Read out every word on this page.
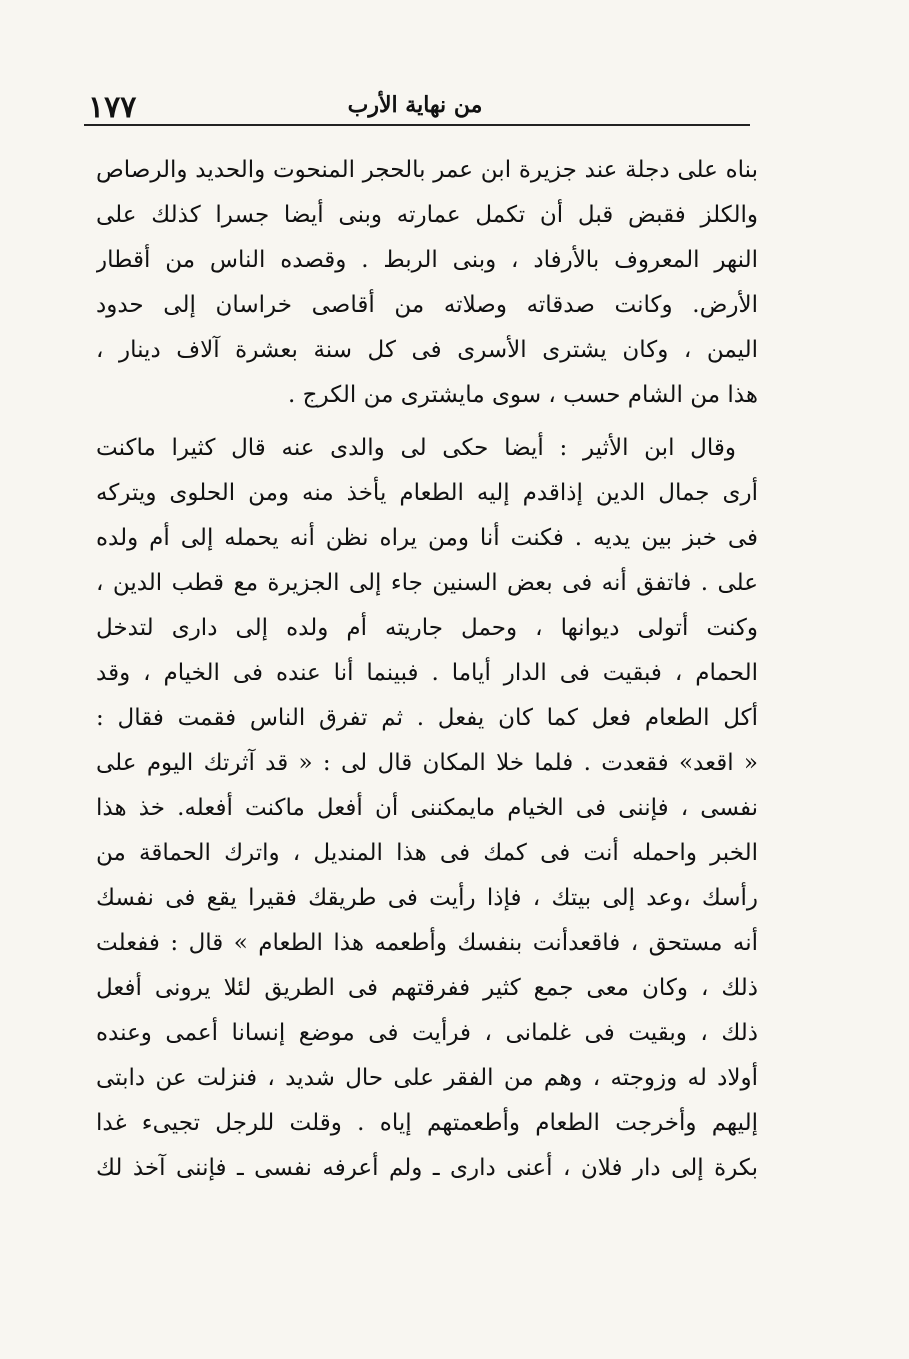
١٧٧	من نهاية الأرب
بناه على دجلة عند جزيرة ابن عمر بالحجر المنحوت والحديد والرصاص
والكلز فقبض قبل أن تكمل عمارته وبنى أيضا جسرا كذلك على
النهر المعروف بالأرفاد ، وبنى الربط . وقصده الناس من أقطار
الأرض. وكانت صدقاته وصلاته من أقاصى خراسان إلى حدود
اليمن ، وكان يشترى الأسرى فى كل سنة بعشرة آلاف دينار ،
هذا من الشام حسب ، سوى مايشترى من الكرج .
وقال ابن الأثير : أيضا حكى لى والدى عنه قال كثيرا ماكنت
أرى جمال الدين إذاقدم إليه الطعام يأخذ منه ومن الحلوى ويتركه
فى خبز بين يديه . فكنت أنا ومن يراه نظن أنه يحمله إلى أم ولده
على . فاتفق أنه فى بعض السنين جاء إلى الجزيرة مع قطب الدين ،
وكنت أتولى ديوانها ، وحمل جاريته أم ولده إلى دارى لتدخل
الحمام ، فبقيت فى الدار أياما . فبينما أنا عنده فى الخيام ، وقد
أكل الطعام فعل كما كان يفعل . ثم تفرق الناس فقمت فقال :
« اقعد» فقعدت . فلما خلا المكان قال لى : « قد آثرتك اليوم على
نفسى ، فإننى فى الخيام مايمكننى أن أفعل ماكنت أفعله. خذ هذا
الخبر واحمله أنت فى كمك فى هذا المنديل ، واترك الحماقة من
رأسك ،وعد إلى بيتك ، فإذا رأيت فى طريقك فقيرا يقع فى نفسك
أنه مستحق ، فاقعدأنت بنفسك وأطعمه هذا الطعام » قال : ففعلت
ذلك ، وكان معى جمع كثير ففرقتهم فى الطريق لئلا يرونى أفعل
ذلك ، وبقيت فى غلمانى ، فرأيت فى موضع إنسانا أعمى وعنده
أولاد له وزوجته ، وهم من الفقر على حال شديد ، فنزلت عن دابتى
إليهم وأخرجت الطعام وأطعمتهم إياه . وقلت للرجل تجيىء غدا
بكرة إلى دار فلان ، أعنى دارى ـ ولم أعرفه نفسى ـ فإننى آخذ لك
